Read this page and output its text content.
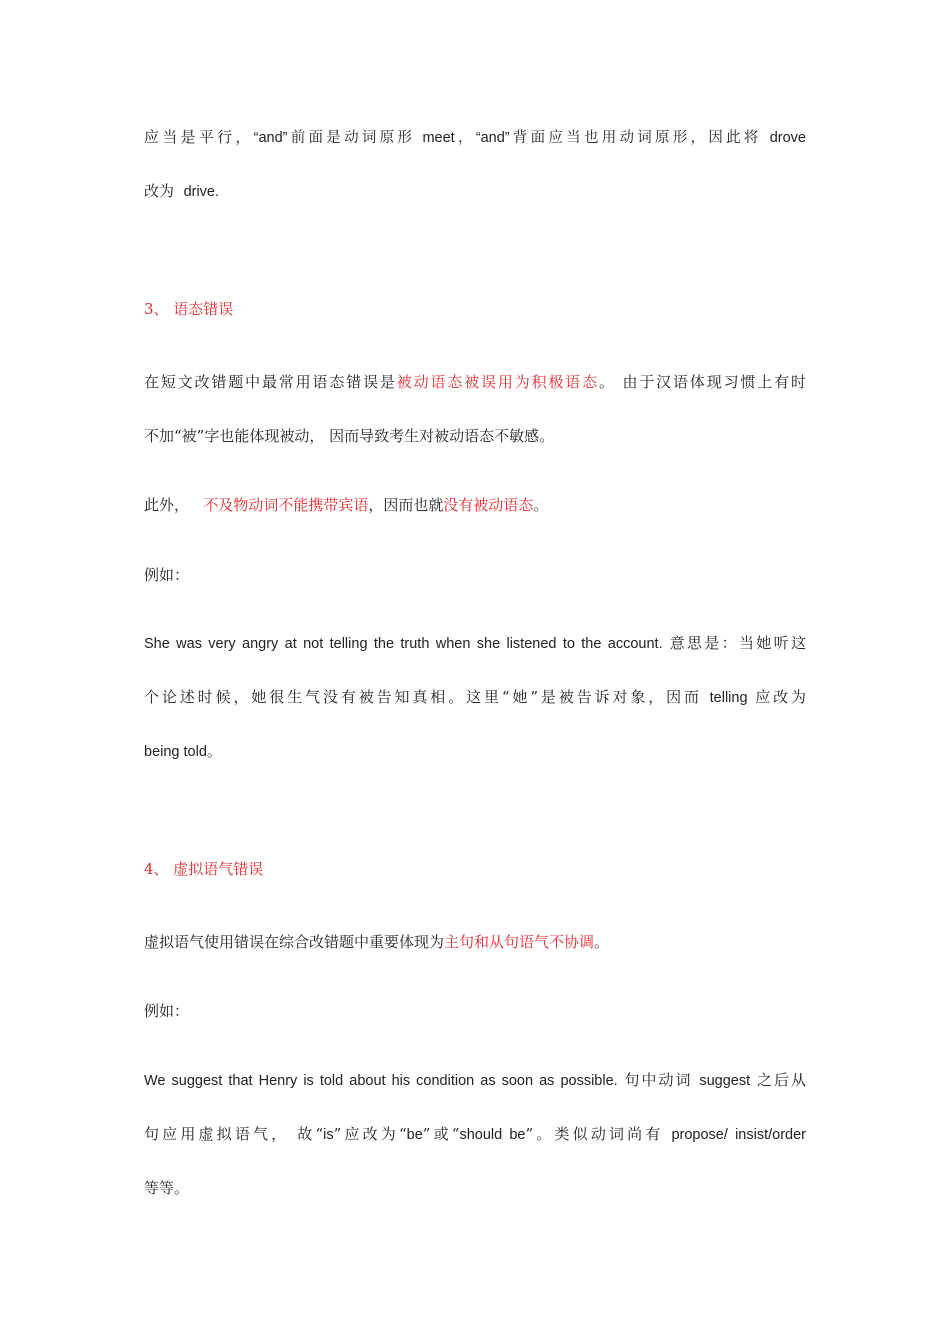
应当是平行，“and”前面是动词原形 meet，“and”背面应当也用动词原形，因此将 drove
改为 drive.
3、 语态错误
在短文改错题中最常用语态错误是被动语态被误用为积极语态。 由于汉语体现习惯上有时
不加“被”字也能体现被动， 因而导致考生对被动语态不敏感。
此外， 不及物动词不能携带宾语，因而也就没有被动语态。
例如：
She was very angry at not telling the truth when she listened to the account. 意思是：当她听这
个论述时候，她很生气没有被告知真相。这里“她”是被告诉对象，因而 telling 应改为
being told。
4、 虚拟语气错误
虚拟语气使用错误在综合改错题中重要体现为主句和从句语气不协调。
例如：
We suggest that Henry is told about his condition as soon as possible. 句中动词 suggest 之后从
句应用虚拟语气， 故“is”应改为“be”或“should be”。类似动词尚有 propose/ insist/order
等等。
